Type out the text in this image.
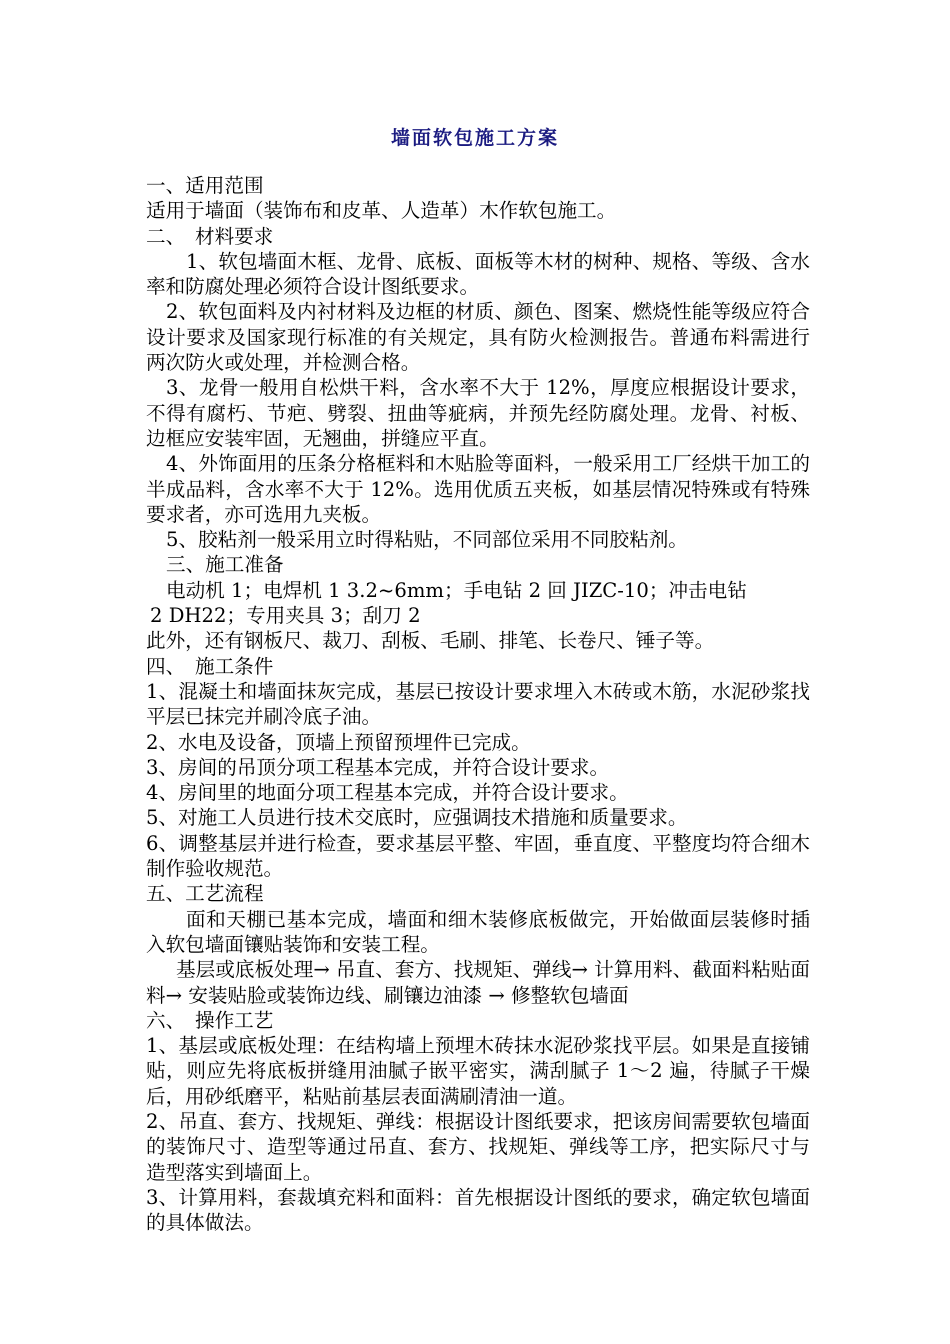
墙面软包施工方案

一、适用范围

适用于墙面（装饰布和皮革、人造革）木作软包施工。

二、　材料要求

1、软包墙面木框、龙骨、底板、面板等木材的树种、规格、等级、含水率和防腐处理必须符合设计图纸要求。

2、软包面料及内衬材料及边框的材质、颜色、图案、燃烧性能等级应符合设计要求及国家现行标准的有关规定，具有防火检测报告。普通布料需进行两次防火或处理，并检测合格。

3、龙骨一般用自松烘干料，含水率不大于 12%，厚度应根据设计要求，不得有腐朽、节疤、劈裂、扭曲等疵病，并预先经防腐处理。龙骨、衬板、边框应安装牢固，无翘曲，拼缝应平直。

4、外饰面用的压条分格框料和木贴脸等面料，一般采用工厂经烘干加工的半成品料，含水率不大于 12%。选用优质五夹板，如基层情况特殊或有特殊要求者，亦可选用九夹板。

5、胶粘剂一般采用立时得粘贴，不同部位采用不同胶粘剂。

三、施工准备

电动机 1；电焊机 1 3.2~6mm；手电钻 2 回 JIZC-10；冲击电钻

2 DH22；专用夹具 3；刮刀 2

此外，还有钢板尺、裁刀、刮板、毛刷、排笔、长卷尺、锤子等。

四、　施工条件

1、混凝土和墙面抹灰完成，基层已按设计要求埋入木砖或木筋，水泥砂浆找平层已抹完并刷冷底子油。

2、水电及设备，顶墙上预留预埋件已完成。

3、房间的吊顶分项工程基本完成，并符合设计要求。

4、房间里的地面分项工程基本完成，并符合设计要求。

5、对施工人员进行技术交底时，应强调技术措施和质量要求。

6、调整基层并进行检查，要求基层平整、牢固，垂直度、平整度均符合细木制作验收规范。

五、工艺流程

面和天棚已基本完成，墙面和细木装修底板做完，开始做面层装修时插入软包墙面镶贴装饰和安装工程。

基层或底板处理→ 吊直、套方、找规矩、弹线→ 计算用料、截面料粘贴面料→ 安装贴脸或装饰边线、刷镶边油漆 → 修整软包墙面

六、　操作工艺

1、基层或底板处理：在结构墙上预埋木砖抹水泥砂浆找平层。如果是直接铺贴，则应先将底板拼缝用油腻子嵌平密实，满刮腻子 1～2 遍，待腻子干燥后，用砂纸磨平，粘贴前基层表面满刷清油一道。

2、吊直、套方、找规矩、弹线：根据设计图纸要求，把该房间需要软包墙面的装饰尺寸、造型等通过吊直、套方、找规矩、弹线等工序，把实际尺寸与造型落实到墙面上。

3、计算用料，套裁填充料和面料：首先根据设计图纸的要求，确定软包墙面的具体做法。
